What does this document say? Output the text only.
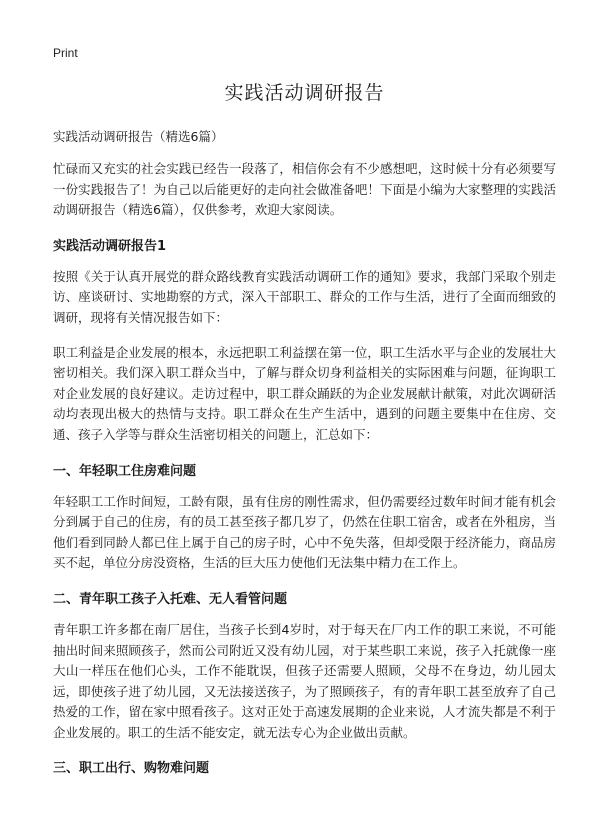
Print
实践活动调研报告
实践活动调研报告（精选6篇）

忙碌而又充实的社会实践已经告一段落了，相信你会有不少感想吧，这时候十分有必须要写一份实践报告了！为自己以后能更好的走向社会做准备吧！下面是小编为大家整理的实践活动调研报告（精选6篇），仅供参考，欢迎大家阅读。

实践活动调研报告1

按照《关于认真开展党的群众路线教育实践活动调研工作的通知》要求，我部门采取个别走访、座谈研讨、实地勘察的方式，深入干部职工、群众的工作与生活，进行了全面而细致的调研，现将有关情况报告如下：

职工利益是企业发展的根本，永远把职工利益摆在第一位，职工生活水平与企业的发展壮大密切相关。我们深入职工群众当中，了解与群众切身利益相关的实际困难与问题，征询职工对企业发展的良好建议。走访过程中，职工群众踊跃的为企业发展献计献策，对此次调研活动均表现出极大的热情与支持。职工群众在生产生活中，遇到的问题主要集中在住房、交通、孩子入学等与群众生活密切相关的问题上，汇总如下：

一、年轻职工住房难问题

年轻职工工作时间短，工龄有限，虽有住房的刚性需求，但仍需要经过数年时间才能有机会分到属于自己的住房，有的员工甚至孩子都几岁了，仍然在住职工宿舍，或者在外租房，当他们看到同龄人都已住上属于自己的房子时，心中不免失落，但却受限于经济能力，商品房买不起，单位分房没资格，生活的巨大压力使他们无法集中精力在工作上。

二、青年职工孩子入托难、无人看管问题

青年职工许多都在南厂居住，当孩子长到4岁时，对于每天在厂内工作的职工来说，不可能抽出时间来照顾孩子，然而公司附近又没有幼儿园，对于某些职工来说，孩子入托就像一座大山一样压在他们心头，工作不能耽误，但孩子还需要人照顾，父母不在身边，幼儿园太远，即使孩子进了幼儿园，又无法接送孩子，为了照顾孩子，有的青年职工甚至放弃了自己热爱的工作，留在家中照看孩子。这对正处于高速发展期的企业来说，人才流失都是不利于企业发展的。职工的生活不能安定，就无法专心为企业做出贡献。

三、职工出行、购物难问题
